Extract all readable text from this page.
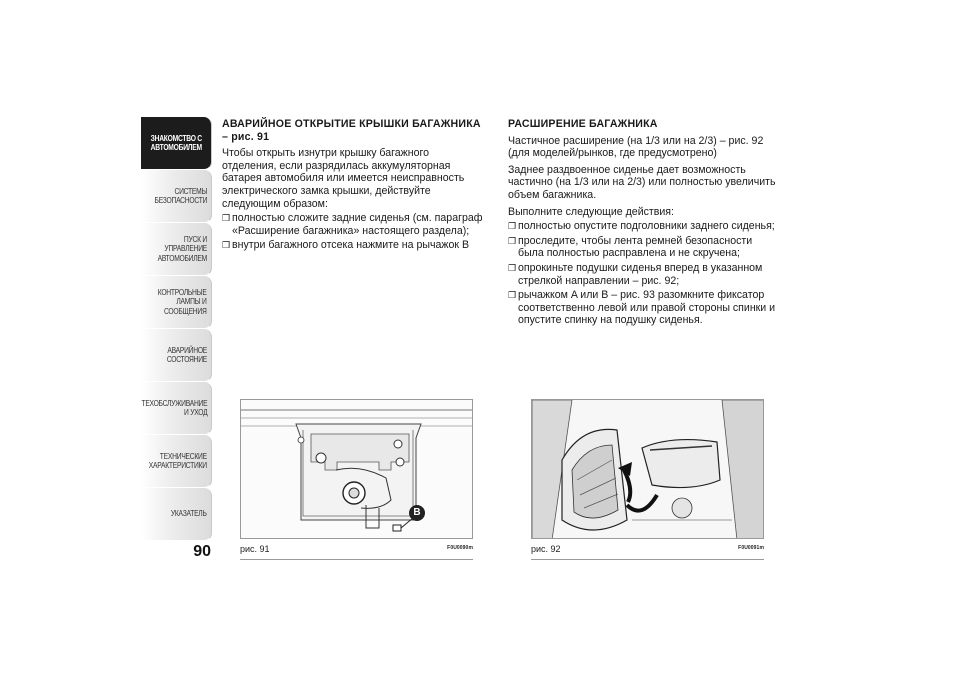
ЗНАКОМСТВО С
АВТОМОБИЛЕМ
СИСТЕМЫ
БЕЗОПАСНОСТИ
ПУСК И УПРАВЛЕНИЕ
АВТОМОБИЛЕМ
КОНТРОЛЬНЫЕ
ЛАМПЫ И
СООБЩЕНИЯ
АВАРИЙНОЕ
СОСТОЯНИЕ
ТЕХОБСЛУЖИВАНИЕ
И УХОД
ТЕХНИЧЕСКИЕ
ХАРАКТЕРИСТИКИ
УКАЗАТЕЛЬ
90
АВАРИЙНОЕ ОТКРЫТИЕ КРЫШКИ БАГАЖНИКА
– рис. 91

Чтобы открыть изнутри крышку багажного отделения, если разрядилась аккумуляторная батарея автомобиля или имеется неисправность электрического замка крышки, действуйте следующим образом:

❒ полностью сложите задние сиденья (см. параграф «Расширение багажника» настоящего раздела);
❒ внутри багажного отсека нажмите на рычажок B
РАСШИРЕНИЕ БАГАЖНИКА

Частичное расширение (на 1/3 или на 2/3) – рис. 92 (для моделей/рынков, где предусмотрено)

Заднее раздвоенное сиденье дает возможность частично (на 1/3 или на 2/3) или полностью увеличить объем багажника.

Выполните следующие действия:

❒ полностью опустите подголовники заднего сиденья;
❒ проследите, чтобы лента ремней безопасности была полностью расправлена и не скручена;
❒ опрокиньте подушки сиденья вперед в указанном стрелкой направлении – рис. 92;
❒ рычажком A или B – рис. 93 разомкните фиксатор соответственно левой или правой стороны спинки и опустите спинку на подушку сиденья.
B
рис. 91	F0U0090m	рис. 92	F0U0091m
